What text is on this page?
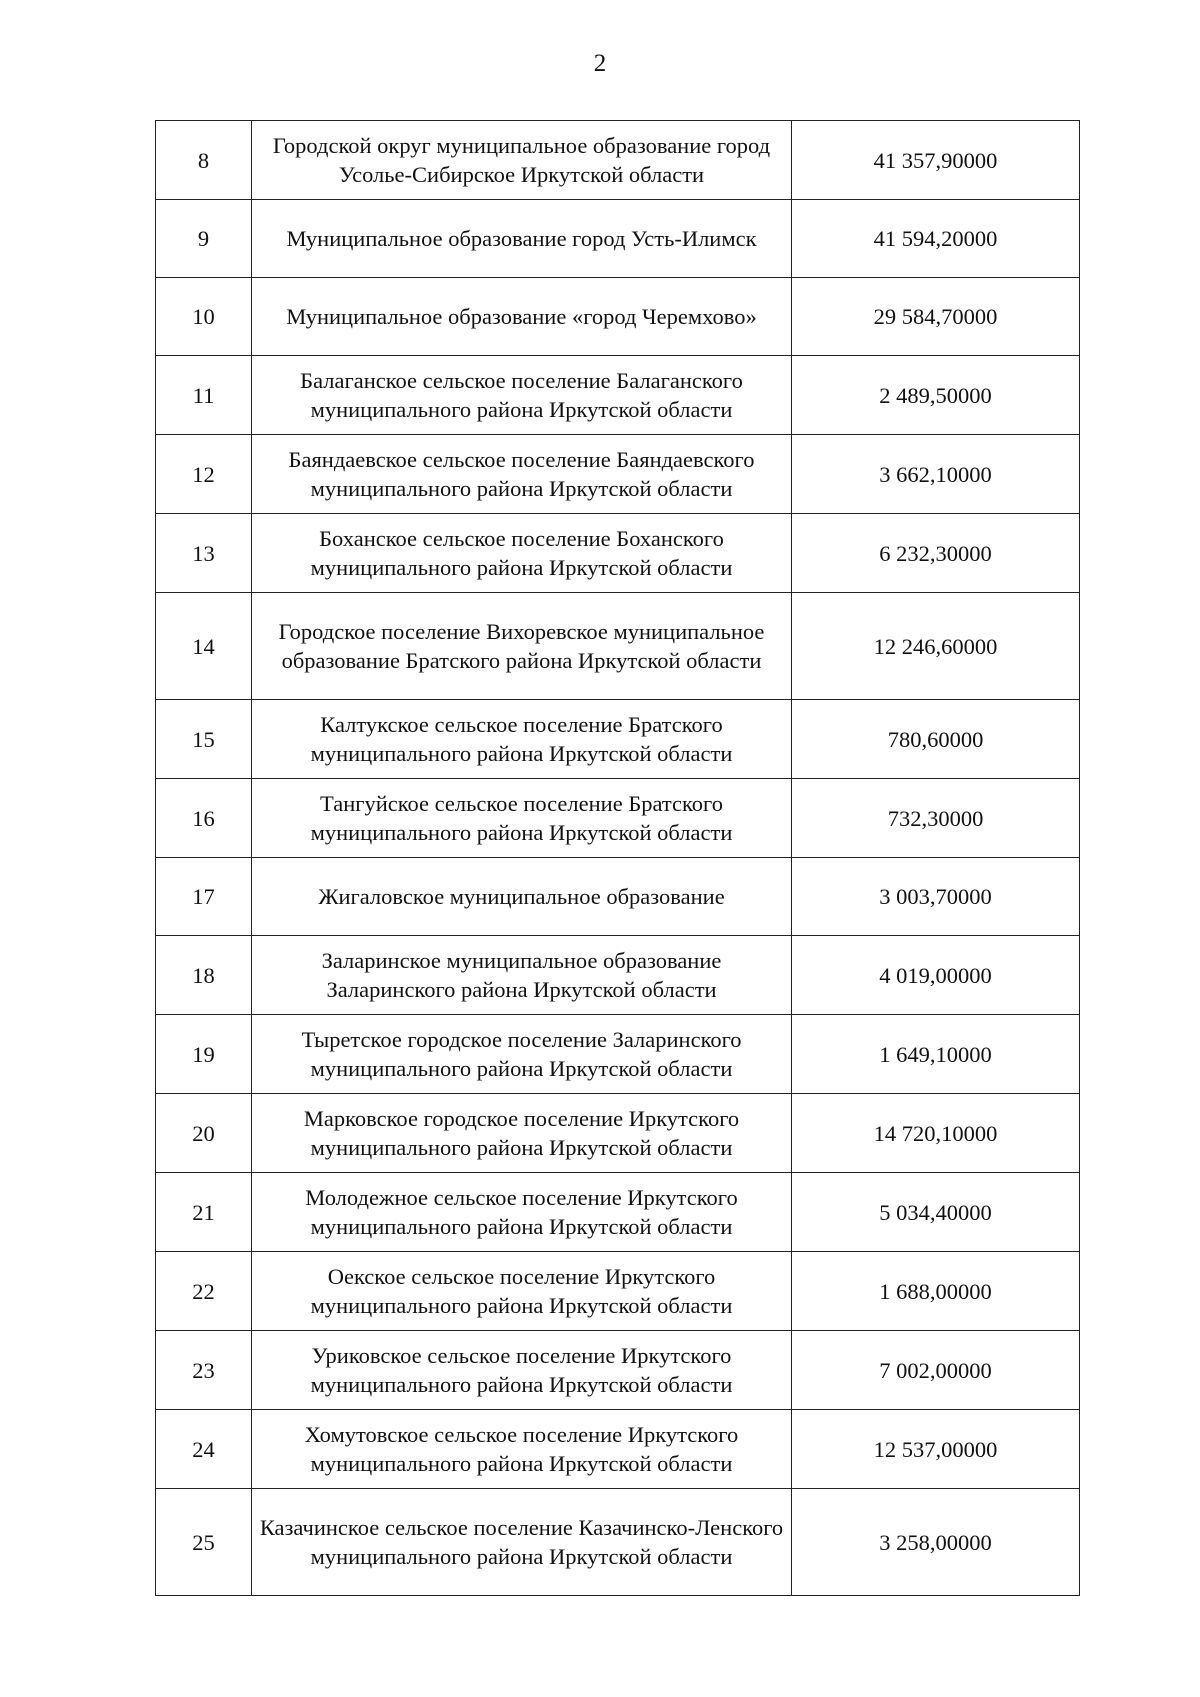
2
8	Городской округ муниципальное образование город Усолье-Сибирское Иркутской области	41 357,90000
9	Муниципальное образование город Усть-Илимск	41 594,20000
10	Муниципальное образование «город Черемхово»	29 584,70000
11	Балаганское сельское поселение Балаганского муниципального района Иркутской области	2 489,50000
12	Баяндаевское сельское поселение Баяндаевского муниципального района Иркутской области	3 662,10000
13	Боханское сельское поселение Боханского муниципального района Иркутской области	6 232,30000
14	Городское поселение Вихоревское муниципальное образование Братского района Иркутской области	12 246,60000
15	Калтукское сельское поселение Братского муниципального района Иркутской области	780,60000
16	Тангуйское сельское поселение Братского муниципального района Иркутской области	732,30000
17	Жигаловское муниципальное образование	3 003,70000
18	Заларинское муниципальное образование Заларинского района Иркутской области	4 019,00000
19	Тыретское городское поселение Заларинского муниципального района Иркутской области	1 649,10000
20	Марковское городское поселение Иркутского муниципального района Иркутской области	14 720,10000
21	Молодежное сельское поселение Иркутского муниципального района Иркутской области	5 034,40000
22	Оекское сельское поселение Иркутского муниципального района Иркутской области	1 688,00000
23	Уриковское сельское поселение Иркутского муниципального района Иркутской области	7 002,00000
24	Хомутовское сельское поселение Иркутского муниципального района Иркутской области	12 537,00000
25	Казачинское сельское поселение Казачинско-Ленского муниципального района Иркутской области	3 258,00000
